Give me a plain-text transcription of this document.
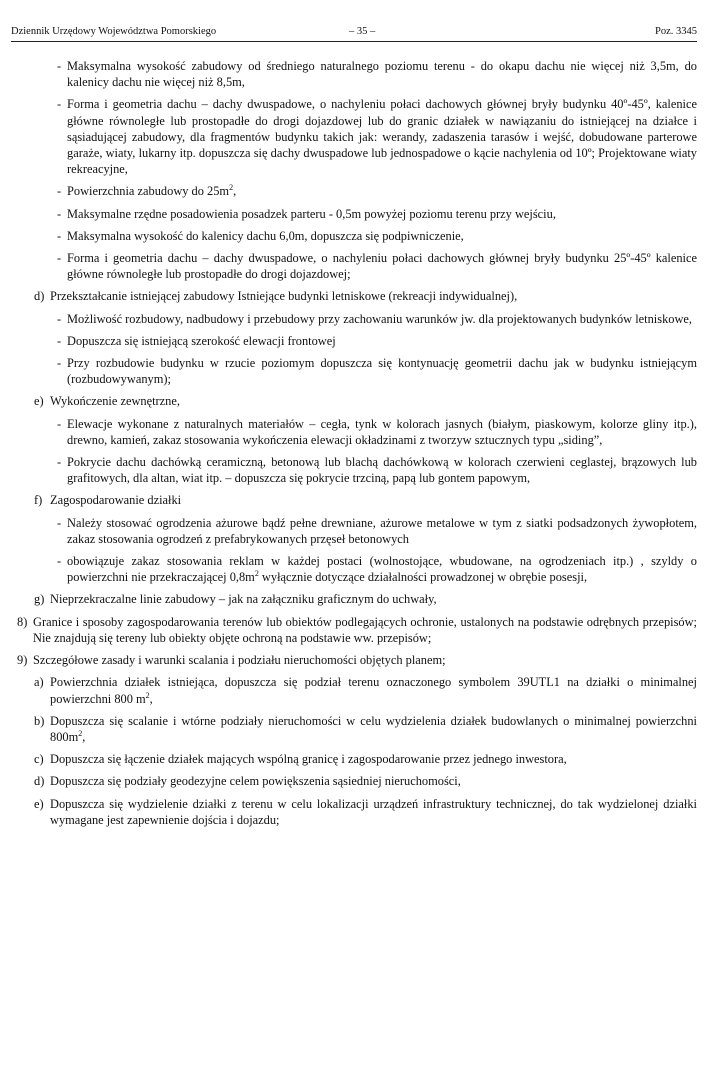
Dziennik Urzędowy Województwa Pomorskiego	– 35 –	Poz. 3345
- Maksymalna wysokość zabudowy od średniego naturalnego poziomu terenu - do okapu dachu nie więcej niż 3,5m, do kalenicy dachu nie więcej niż 8,5m,
- Forma i geometria dachu – dachy dwuspadowe, o nachyleniu połaci dachowych głównej bryły budynku 40º-45º, kalenice główne równoległe lub prostopadłe do drogi dojazdowej lub do granic działek w nawiązaniu do istniejącej na działce i sąsiadującej zabudowy, dla fragmentów budynku takich jak: werandy, zadaszenia tarasów i wejść, dobudowane parterowe garaże, wiaty, lukarny itp. dopuszcza się dachy dwuspadowe lub jednospadowe o kącie nachylenia od 10º; Projektowane wiaty rekreacyjne,
- Powierzchnia zabudowy do $25m^2$,
- Maksymalne rzędne posadowienia posadzek parteru - 0,5m powyżej poziomu terenu przy wejściu,
- Maksymalna wysokość do kalenicy dachu 6,0m, dopuszcza się podpiwniczenie,
- Forma i geometria dachu – dachy dwuspadowe, o nachyleniu połaci dachowych głównej bryły budynku 25º-45º kalenice główne równoległe lub prostopadłe do drogi dojazdowej;
d) Przekształcanie istniejącej zabudowy Istniejące budynki letniskowe (rekreacji indywidualnej),
- Możliwość rozbudowy, nadbudowy i przebudowy przy zachowaniu warunków jw. dla projektowanych budynków letniskowe,
- Dopuszcza się istniejącą szerokość elewacji frontowej
- Przy rozbudowie budynku w rzucie poziomym dopuszcza się kontynuację geometrii dachu jak w budynku istniejącym (rozbudowywanym);
e) Wykończenie zewnętrzne,
- Elewacje wykonane z naturalnych materiałów – cegła, tynk w kolorach jasnych (białym, piaskowym, kolorze gliny itp.), drewno, kamień, zakaz stosowania wykończenia elewacji okładzinami z tworzyw sztucznych typu „siding”,
- Pokrycie dachu dachówką ceramiczną, betonową lub blachą dachówkową w kolorach czerwieni ceglastej, brązowych lub grafitowych, dla altan, wiat itp. – dopuszcza się pokrycie trzciną, papą lub gontem papowym,
f) Zagospodarowanie działki
- Należy stosować ogrodzenia ażurowe bądź pełne drewniane, ażurowe metalowe w tym z siatki podsadzonych żywopłotem, zakaz stosowania ogrodzeń z prefabrykowanych przęseł betonowych
- obowiązuje zakaz stosowania reklam w każdej postaci (wolnostojące, wbudowane, na ogrodzeniach itp.) , szyldy o powierzchni nie przekraczającej $0,8m^2$ wyłącznie dotyczące działalności prowadzonej w obrębie posesji,
g) Nieprzekraczalne linie zabudowy – jak na załączniku graficznym do uchwały,
8) Granice i sposoby zagospodarowania terenów lub obiektów podlegających ochronie, ustalonych na podstawie odrębnych przepisów; Nie znajdują się tereny lub obiekty objęte ochroną na podstawie ww. przepisów;
9) Szczegółowe zasady i warunki scalania i podziału nieruchomości objętych planem;
a) Powierzchnia działek istniejąca, dopuszcza się podział terenu oznaczonego symbolem 39UTL1 na działki o minimalnej powierzchni 800 $m^2$,
b) Dopuszcza się scalanie i wtórne podziały nieruchomości w celu wydzielenia działek budowlanych o minimalnej powierzchni $800m^2$,
c) Dopuszcza się łączenie działek mających wspólną granicę i zagospodarowanie przez jednego inwestora,
d) Dopuszcza się podziały geodezyjne celem powiększenia sąsiedniej nieruchomości,
e) Dopuszcza się wydzielenie działki z terenu w celu lokalizacji urządzeń infrastruktury technicznej, do tak wydzielonej działki wymagane jest zapewnienie dojścia i dojazdu;
